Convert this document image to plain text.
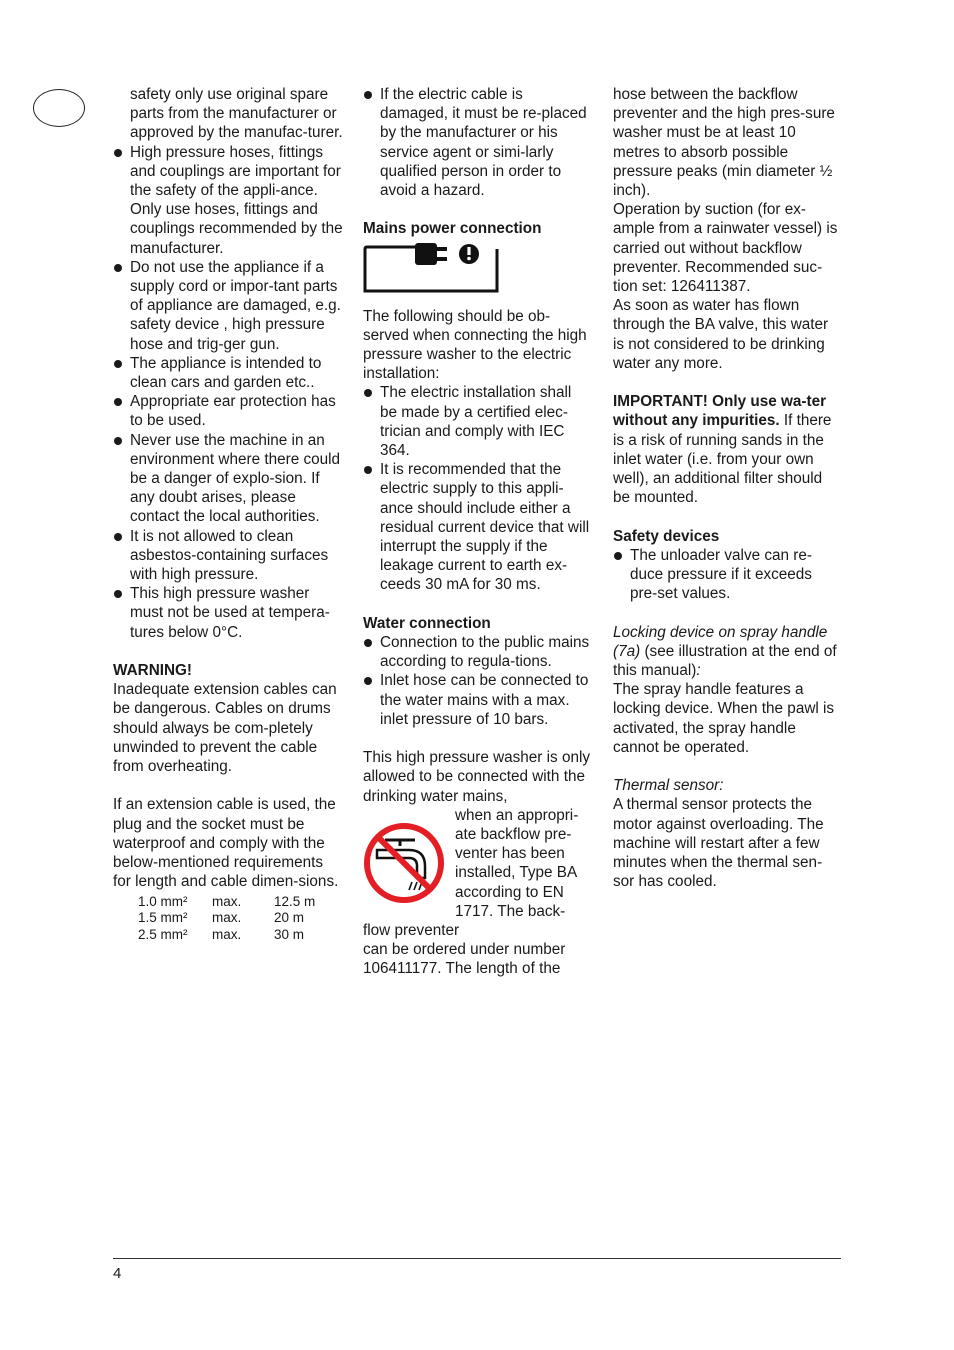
safety only use original spare parts from the manufacturer or approved by the manufac-turer.

High pressure hoses, fittings and couplings are important for the safety of the appli-ance. Only use hoses, fittings and couplings recommended by the manufacturer.

Do not use the appliance if a supply cord or impor-tant parts of appliance are damaged, e.g. safety device , high pressure hose and trig-ger gun.

The appliance is intended to clean cars and garden etc..

Appropriate ear protection has to be used.

Never use the machine in an environment where there could be a danger of explo-sion. If any doubt arises, please contact the local authorities.

It is not allowed to clean asbestos-containing surfaces with high pressure.

This high pressure washer must not be used at tempera-tures below 0°C.

WARNING!

Inadequate extension cables can be dangerous. Cables on drums should always be com-pletely unwinded to prevent the cable from overheating.

If an extension cable is used, the plug and the socket must be waterproof and comply with the below-mentioned requirements for length and cable dimen-sions.

1.0 mm²	max.	12.5 m
1.5 mm²	max.	20 m
2.5 mm²	max.	30 m

If the electric cable is damaged, it must be re-placed by the manufacturer or his service agent or simi-larly qualified person in order to avoid a hazard.

Mains power connection

The following should be ob-served when connecting the high pressure washer to the electric installation:

The electric installation shall be made by a certified elec-trician and comply with IEC 364.

It is recommended that the electric supply to this appli-ance should include either a residual current device that will interrupt the supply if the leakage current to earth ex-ceeds 30 mA for 30 ms.

Water connection

Connection to the public mains according to regula-tions.

Inlet hose can be connected to the water mains with a max. inlet pressure of 10 bars.

This high pressure washer is only allowed to be connected with the drinking water mains,

when an appropri-ate backflow pre-venter has been installed, Type BA according to EN 1717. The back-flow preventer

can be ordered under number 106411177. The length of the

hose between the backflow preventer and the high pres-sure washer must be at least 10 metres to absorb possible pressure peaks (min diameter ½ inch).

Operation by suction (for ex-ample from a rainwater vessel) is carried out without backflow preventer. Recommended suc-tion set: 126411387.

As soon as water has flown through the BA valve, this water is not considered to be drinking water any more.

IMPORTANT! Only use wa-ter without any impurities. If there is a risk of running sands in the inlet water (i.e. from your own well), an additional filter should be mounted.

Safety devices

The unloader valve can re-duce pressure if it exceeds pre-set values.

Locking device on spray handle (7a) (see illustration at the end of this manual):

The spray handle features a locking device. When the pawl is activated, the spray handle cannot be operated.

Thermal sensor:

A thermal sensor protects the motor against overloading. The machine will restart after a few minutes when the thermal sen-sor has cooled.

4
